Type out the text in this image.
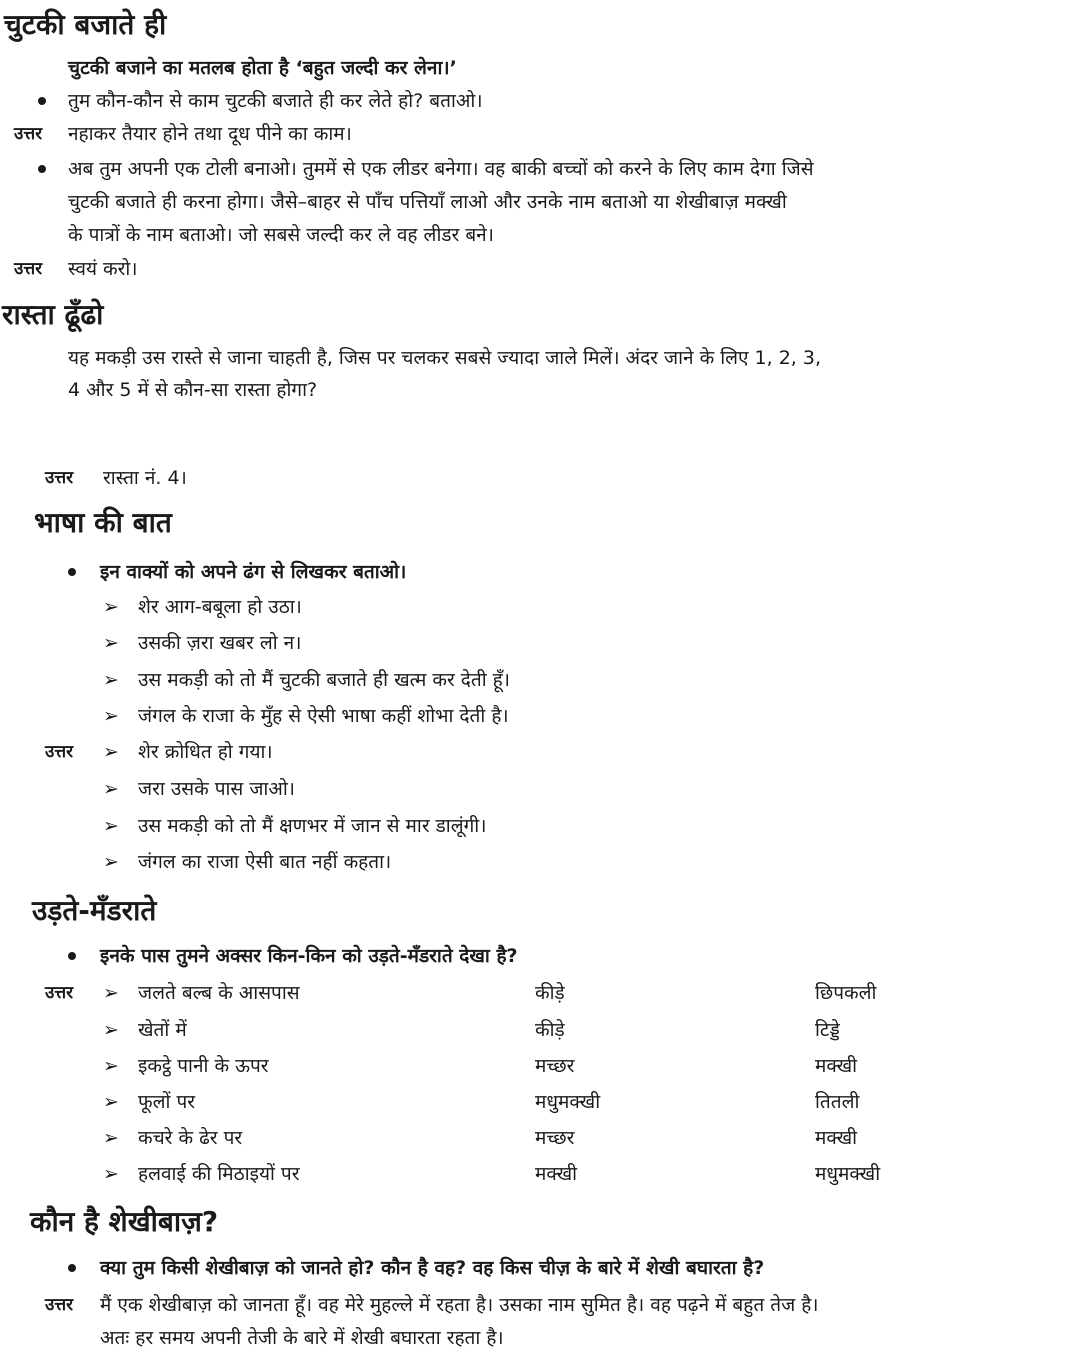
चुटकी बजाते ही
चुटकी बजाने का मतलब होता है ‘बहुत जल्दी कर लेना।’
तुम कौन-कौन से काम चुटकी बजाते ही कर लेते हो? बताओ।
उत्तर नहाकर तैयार होने तथा दूध पीने का काम।
अब तुम अपनी एक टोली बनाओ। तुममें से एक लीडर बनेगा। वह बाकी बच्चों को करने के लिए काम देगा जिसे
चुटकी बजाते ही करना होगा। जैसे–बाहर से पाँच पत्तियाँ लाओ और उनके नाम बताओ या शेखीबाज़ मक्खी
के पात्रों के नाम बताओ। जो सबसे जल्दी कर ले वह लीडर बने।
उत्तर स्वयं करो।
रास्ता ढूँढो
यह मकड़ी उस रास्ते से जाना चाहती है, जिस पर चलकर सबसे ज्यादा जाले मिलें। अंदर जाने के लिए 1, 2, 3,
4 और 5 में से कौन-सा रास्ता होगा?
उत्तर रास्ता नं. 4।
भाषा की बात
इन वाक्यों को अपने ढंग से लिखकर बताओ।
➢ शेर आग-बबूला हो उठा।
➢ उसकी ज़रा खबर लो न।
➢ उस मकड़ी को तो मैं चुटकी बजाते ही खत्म कर देती हूँ।
➢ जंगल के राजा के मुँह से ऐसी भाषा कहीं शोभा देती है।
उत्तर ➢ शेर क्रोधित हो गया।
➢ जरा उसके पास जाओ।
➢ उस मकड़ी को तो मैं क्षणभर में जान से मार डालूंगी।
➢ जंगल का राजा ऐसी बात नहीं कहता।
उड़ते-मँडराते
इनके पास तुमने अक्सर किन-किन को उड़ते-मँडराते देखा है?
उत्तर ➢ जलते बल्ब के आसपास	कीड़े	छिपकली
➢ खेतों में	कीड़े	टिड्डे
➢ इकट्ठे पानी के ऊपर	मच्छर	मक्खी
➢ फूलों पर	मधुमक्खी	तितली
➢ कचरे के ढेर पर	मच्छर	मक्खी
➢ हलवाई की मिठाइयों पर	मक्खी	मधुमक्खी
कौन है शेखीबाज़?
क्या तुम किसी शेखीबाज़ को जानते हो? कौन है वह? वह किस चीज़ के बारे में शेखी बघारता है?
उत्तर मैं एक शेखीबाज़ को जानता हूँ। वह मेरे मुहल्ले में रहता है। उसका नाम सुमित है। वह पढ़ने में बहुत तेज है।
अतः हर समय अपनी तेजी के बारे में शेखी बघारता रहता है।
